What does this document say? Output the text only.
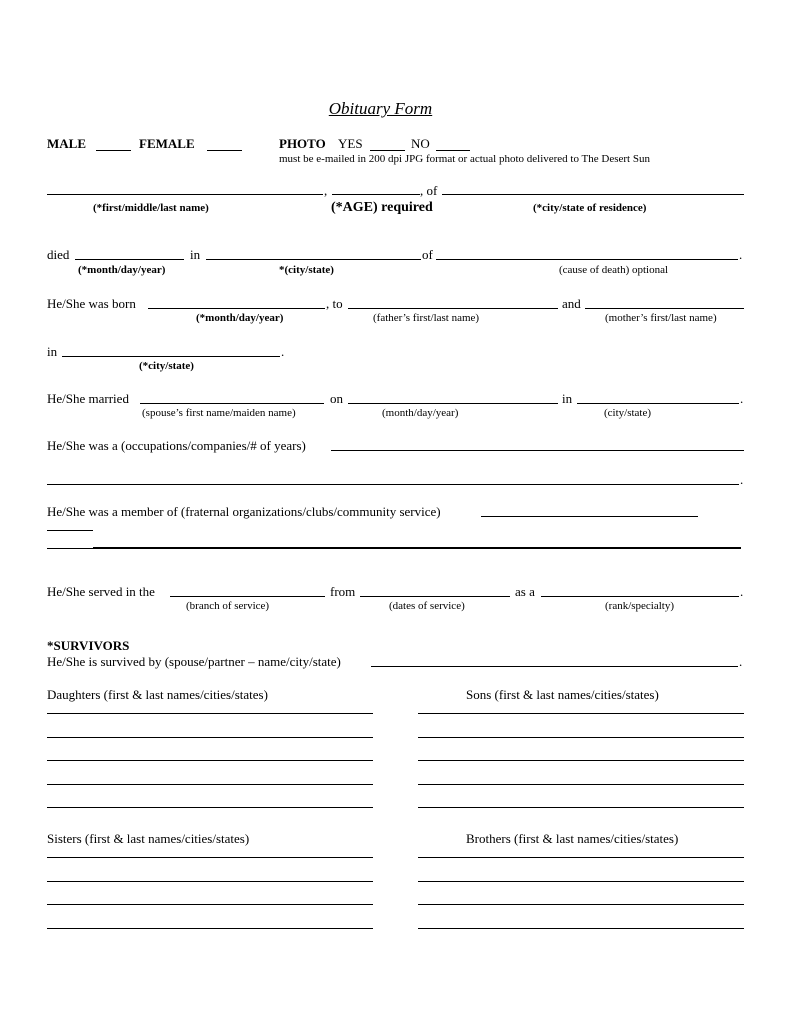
Obituary Form
MALE	FEMALE	PHOTO YES	NO
must be e-mailed in 200 dpi JPG format or actual photo delivered to The Desert Sun
,	, of
(*first/middle/last name)	(*AGE) required	(*city/state of residence)
died	in	of	.
(*month/day/year)	*(city/state)	(cause of death) optional
He/She was born	, to	and
(*month/day/year)	(father’s first/last name)	(mother’s first/last name)
in	.
(*city/state)
He/She married	on	in	.
(spouse’s first name/maiden name)	(month/day/year)	(city/state)
He/She was a (occupations/companies/# of years)
.
He/She was a member of (fraternal organizations/clubs/community service)
He/She served in the	from	as a	.
(branch of service)	(dates of service)	(rank/specialty)
*SURVIVORS
He/She is survived by (spouse/partner – name/city/state)	.
Daughters (first & last names/cities/states)	Sons (first & last names/cities/states)
Sisters (first & last names/cities/states)	Brothers (first & last names/cities/states)
